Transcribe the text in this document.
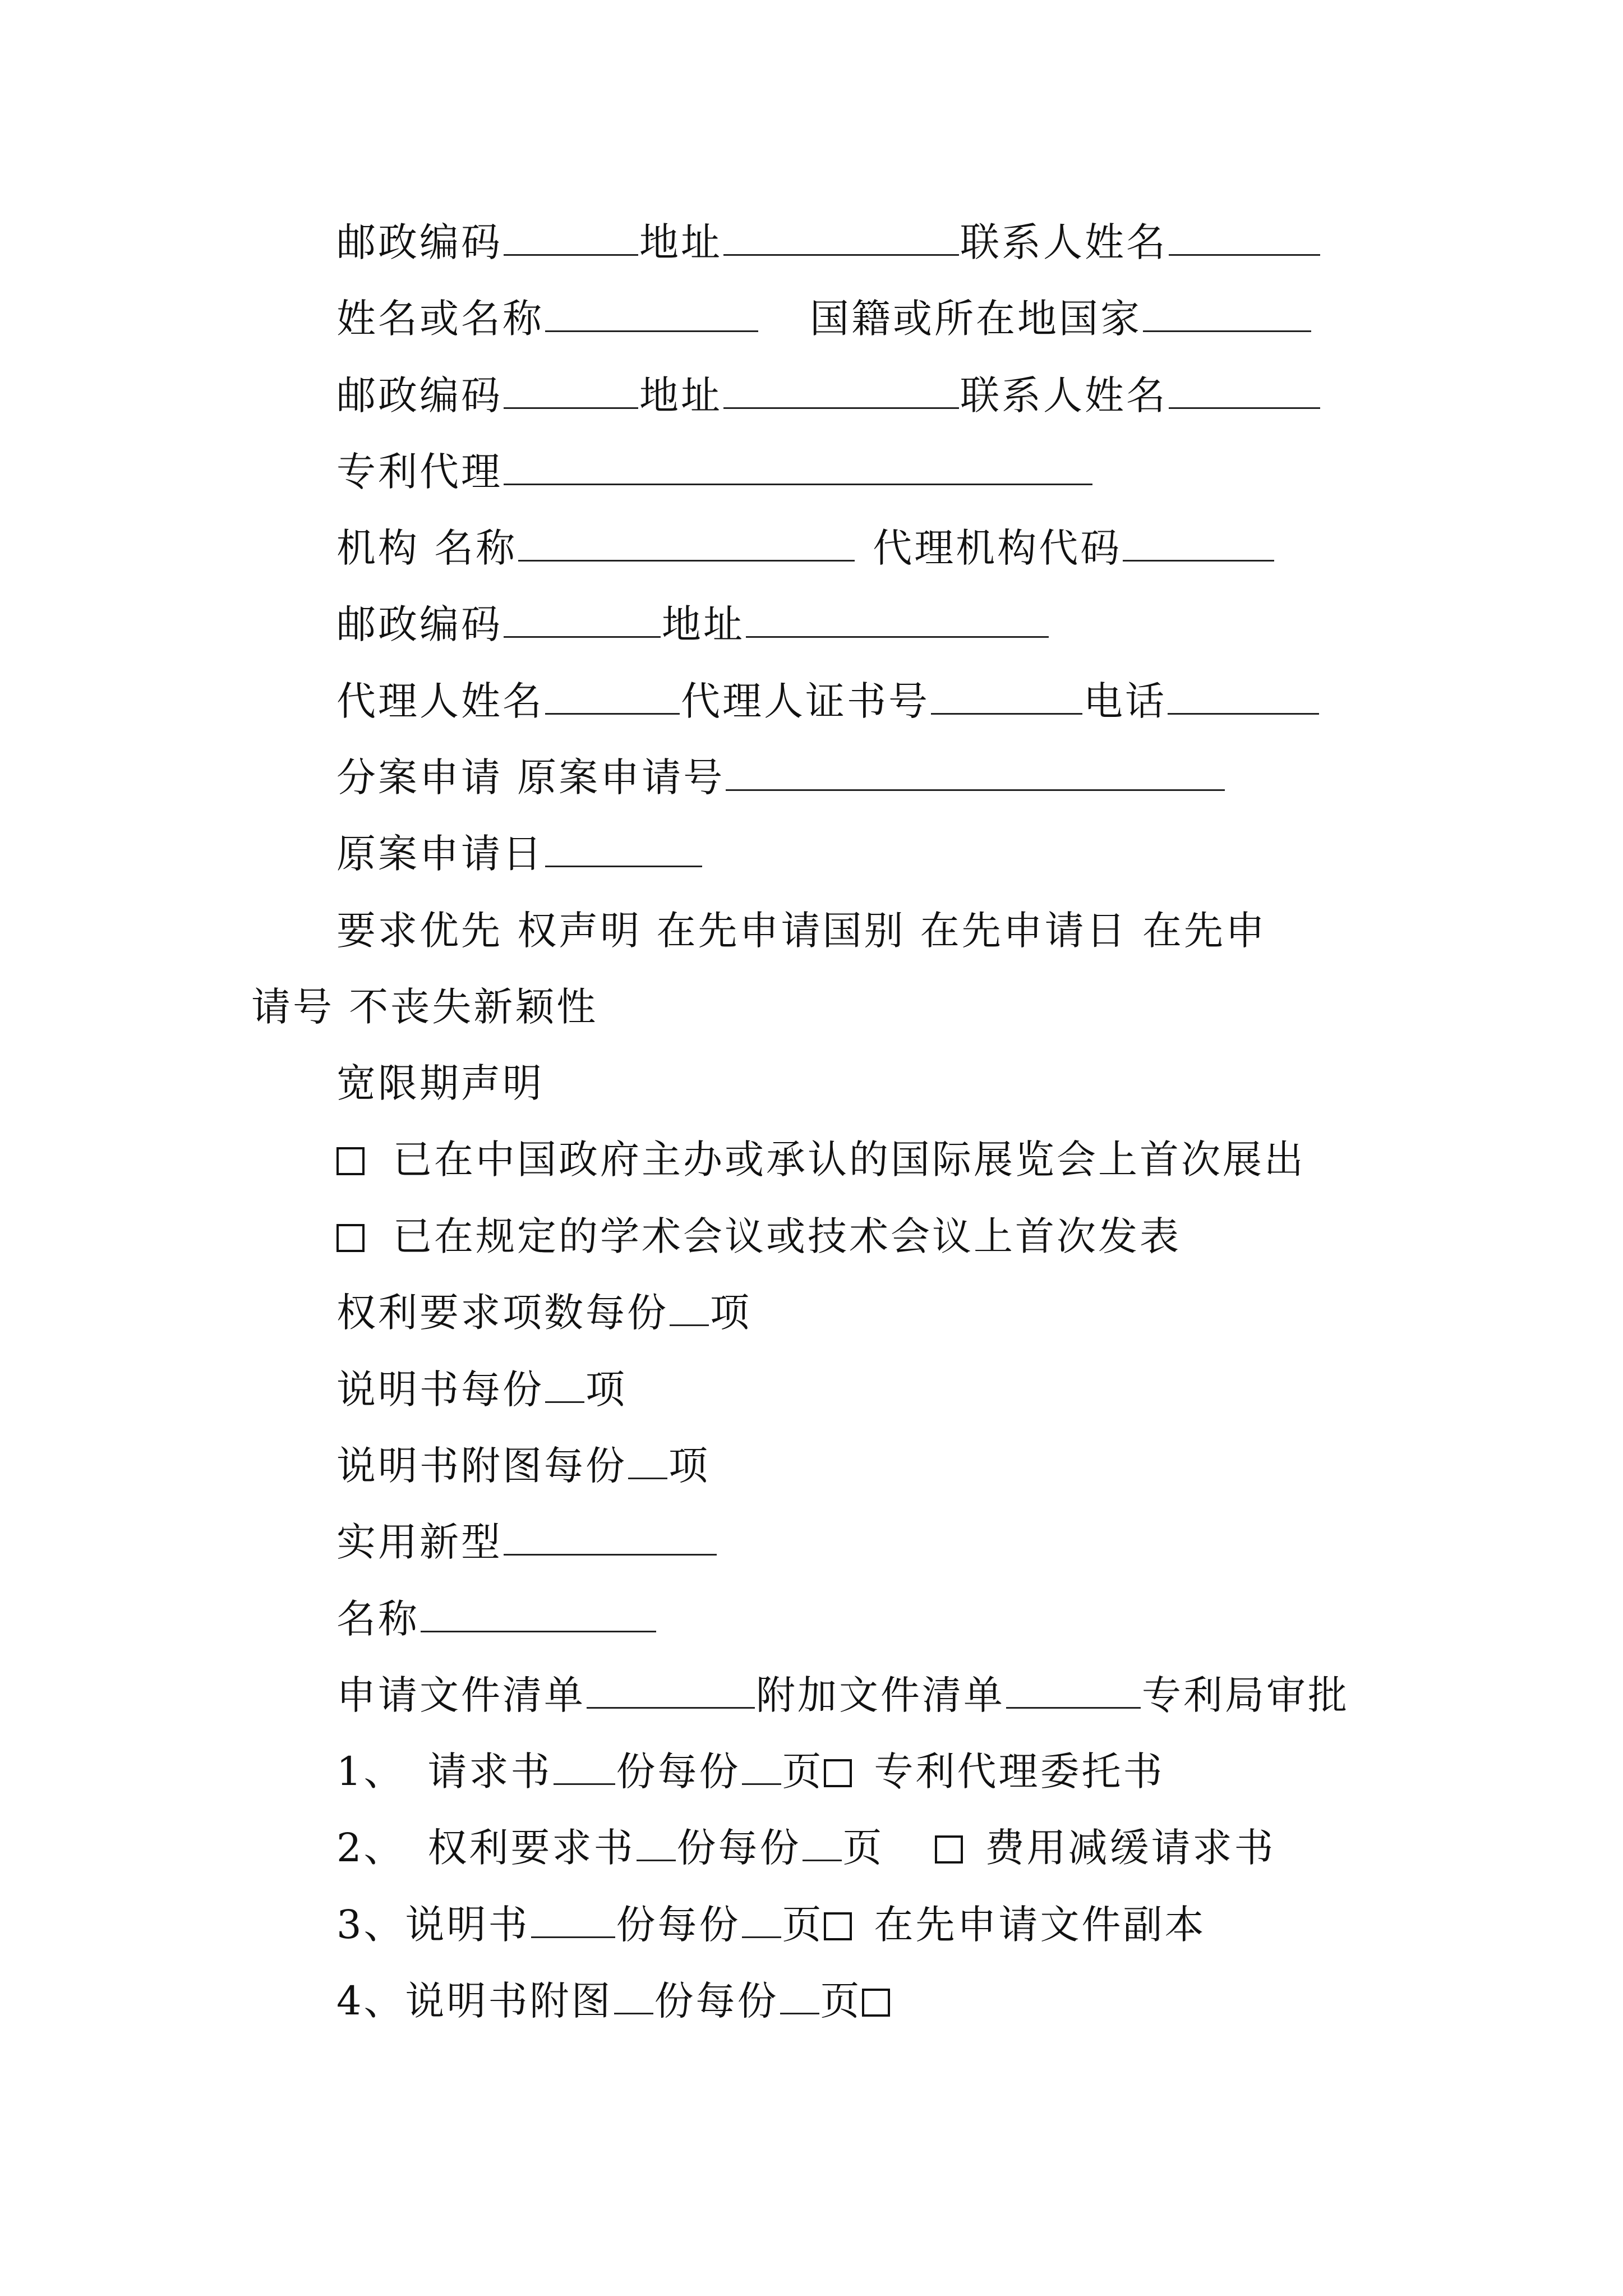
邮政编码	地址	联系人姓名
姓名或名称	国籍或所在地国家
邮政编码	地址	联系人姓名
专利代理
机构 名称	代理机构代码
邮政编码	地址
代理人姓名	代理人证书号	电话
分案申请 原案申请号
原案申请日
要求优先 权声明 在先申请国别 在先申请日 在先申
请号 不丧失新颖性
宽限期声明
已在中国政府主办或承认的国际展览会上首次展出
已在规定的学术会议或技术会议上首次发表
权利要求项数每份 项
说明书每份 项
说明书附图每份 项
实用新型
名称
申请文件清单	附加文件清单	专利局审批
1、 请求书 份每份 页 专利代理委托书
2、 权利要求书 份每份 页	费用减缓请求书
3、说明书 份每份 页 在先申请文件副本
4、说明书附图 份每份 页
